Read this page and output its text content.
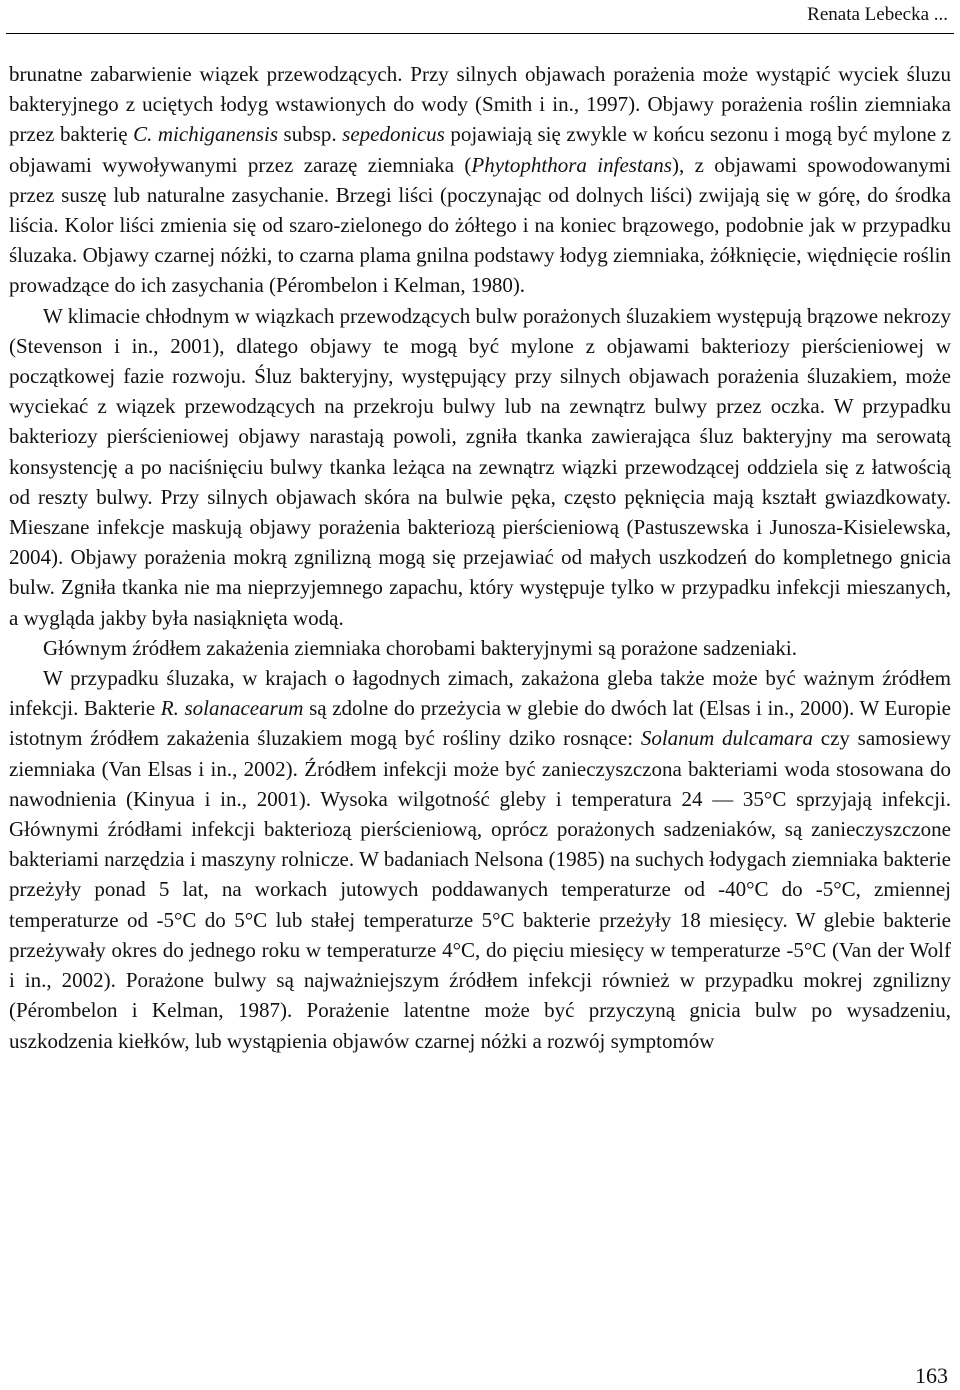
Renata Lebecka ...

brunatne zabarwienie wiązek przewodzących. Przy silnych objawach porażenia może wystąpić wyciek śluzu bakteryjnego z uciętych łodyg wstawionych do wody (Smith i in., 1997). Objawy porażenia roślin ziemniaka przez bakterię C. michiganensis subsp. sepedonicus pojawiają się zwykle w końcu sezonu i mogą być mylone z objawami wywoływanymi przez zarazę ziemniaka (Phytophthora infestans), z objawami spowodowanymi przez suszę lub naturalne zasychanie. Brzegi liści (poczynając od dolnych liści) zwijają się w górę, do środka liścia. Kolor liści zmienia się od szaro-zielonego do żółtego i na koniec brązowego, podobnie jak w przypadku śluzaka. Objawy czarnej nóżki, to czarna plama gnilna podstawy łodyg ziemniaka, żółknięcie, więdnięcie roślin prowadzące do ich zasychania (Pérombelon i Kelman, 1980).

W klimacie chłodnym w wiązkach przewodzących bulw porażonych śluzakiem występują brązowe nekrozy (Stevenson i in., 2001), dlatego objawy te mogą być mylone z objawami bakteriozy pierścieniowej w początkowej fazie rozwoju. Śluz bakteryjny, występujący przy silnych objawach porażenia śluzakiem, może wyciekać z wiązek przewodzących na przekroju bulwy lub na zewnątrz bulwy przez oczka. W przypadku bakteriozy pierścieniowej objawy narastają powoli, zgniła tkanka zawierająca śluz bakteryjny ma serowatą konsystencję a po naciśnięciu bulwy tkanka leżąca na zewnątrz wiązki przewodzącej oddziela się z łatwością od reszty bulwy. Przy silnych objawach skóra na bulwie pęka, często pęknięcia mają kształt gwiazdkowaty. Mieszane infekcje maskują objawy porażenia bakteriozą pierścieniową (Pastuszewska i Junosza-Kisielewska, 2004). Objawy porażenia mokrą zgnilizną mogą się przejawiać od małych uszkodzeń do kompletnego gnicia bulw. Zgniła tkanka nie ma nieprzyjemnego zapachu, który występuje tylko w przypadku infekcji mieszanych, a wygląda jakby była nasiąknięta wodą.

Głównym źródłem zakażenia ziemniaka chorobami bakteryjnymi są porażone sadzeniaki.

W przypadku śluzaka, w krajach o łagodnych zimach, zakażona gleba także może być ważnym źródłem infekcji. Bakterie R. solanacearum są zdolne do przeżycia w glebie do dwóch lat (Elsas i in., 2000). W Europie istotnym źródłem zakażenia śluzakiem mogą być rośliny dziko rosnące: Solanum dulcamara czy samosiewy ziemniaka (Van Elsas i in., 2002). Źródłem infekcji może być zanieczyszczona bakteriami woda stosowana do nawodnienia (Kinyua i in., 2001). Wysoka wilgotność gleby i temperatura 24 — 35°C sprzyjają infekcji. Głównymi źródłami infekcji bakteriozą pierścieniową, oprócz porażonych sadzeniaków, są zanieczyszczone bakteriami narzędzia i maszyny rolnicze. W badaniach Nelsona (1985) na suchych łodygach ziemniaka bakterie przeżyły ponad 5 lat, na workach jutowych poddawanych temperaturze od -40°C do -5°C, zmiennej temperaturze od -5°C do 5°C lub stałej temperaturze 5°C bakterie przeżyły 18 miesięcy. W glebie bakterie przeżywały okres do jednego roku w temperaturze 4°C, do pięciu miesięcy w temperaturze -5°C (Van der Wolf i in., 2002). Porażone bulwy są najważniejszym źródłem infekcji również w przypadku mokrej zgnilizny (Pérombelon i Kelman, 1987). Porażenie latentne może być przyczyną gnicia bulw po wysadzeniu, uszkodzenia kiełków, lub wystąpienia objawów czarnej nóżki a rozwój symptomów

163
